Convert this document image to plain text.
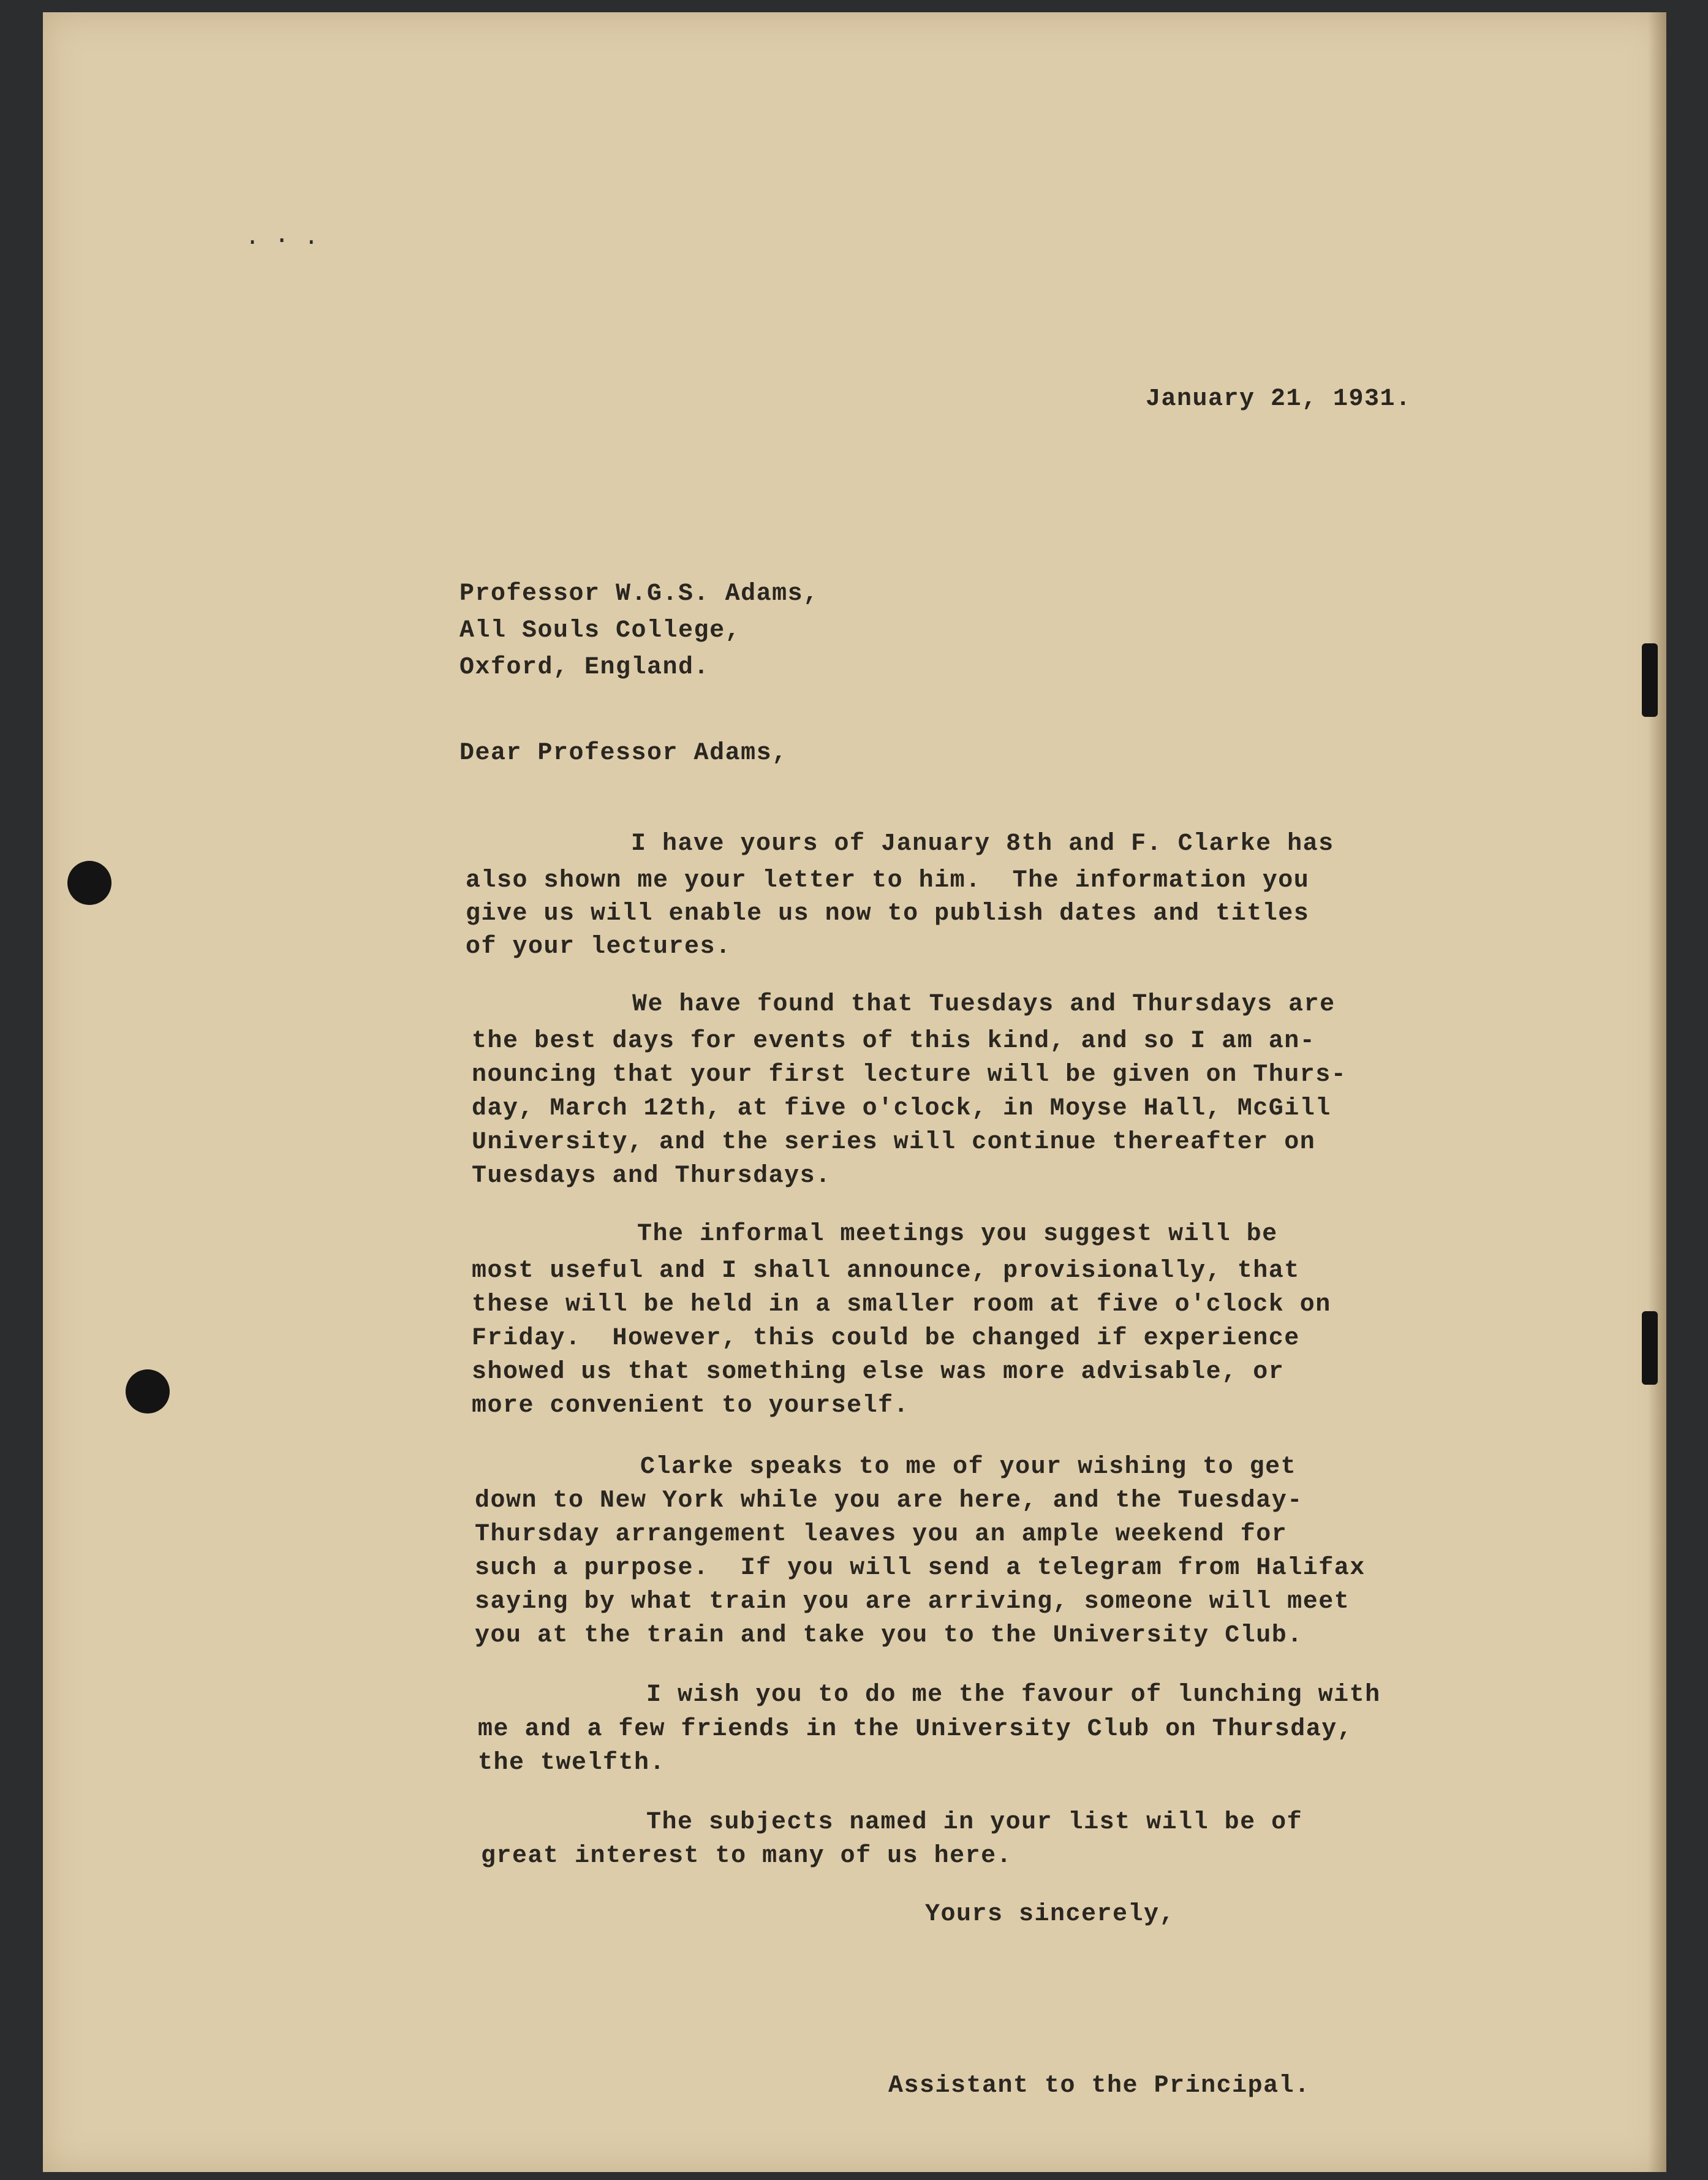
· ⋅ ·
January 21, 1931.
Professor W.G.S. Adams,
All Souls College,
Oxford, England.
Dear Professor Adams,
I have yours of January 8th and F. Clarke has
also shown me your letter to him.  The information you
give us will enable us now to publish dates and titles
of your lectures.
We have found that Tuesdays and Thursdays are
the best days for events of this kind, and so I am an-
nouncing that your first lecture will be given on Thurs-
day, March 12th, at five o'clock, in Moyse Hall, McGill
University, and the series will continue thereafter on
Tuesdays and Thursdays.
The informal meetings you suggest will be
most useful and I shall announce, provisionally, that
these will be held in a smaller room at five o'clock on
Friday.  However, this could be changed if experience
showed us that something else was more advisable, or
more convenient to yourself.
Clarke speaks to me of your wishing to get
down to New York while you are here, and the Tuesday-
Thursday arrangement leaves you an ample weekend for
such a purpose.  If you will send a telegram from Halifax
saying by what train you are arriving, someone will meet
you at the train and take you to the University Club.
I wish you to do me the favour of lunching with
me and a few friends in the University Club on Thursday,
the twelfth.
The subjects named in your list will be of
great interest to many of us here.
Yours sincerely,
Assistant to the Principal.
